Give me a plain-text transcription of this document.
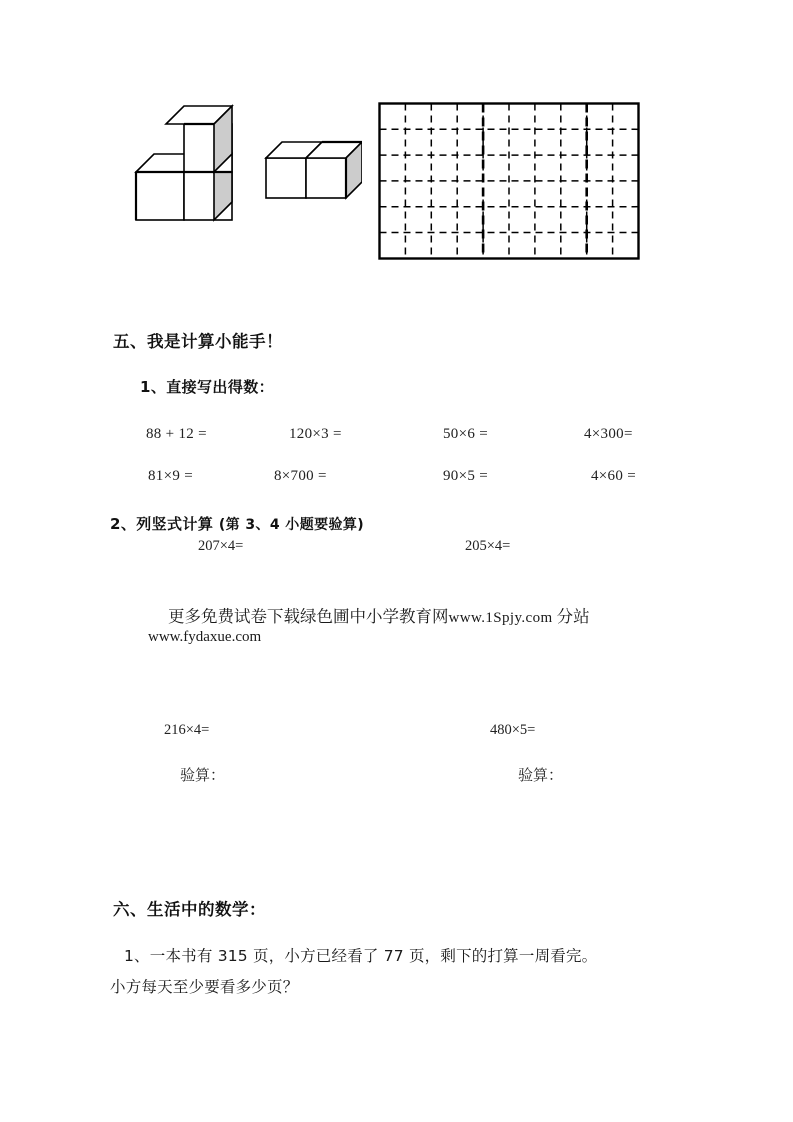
五、我是计算小能手！
1、直接写出得数：
88 + 12 =	120×3 =	50×6 =	4×300=
81×9 =	8×700 =	90×5 =	4×60 =
2、列竖式计算 (第 3、4 小题要验算)
207×4=	205×4=
更多免费试卷下载绿色圃中小学教育网www.1Spjy.com 分站
www.fydaxue.com
216×4=	480×5=
验算：	验算：
六、生活中的数学：
1、一本书有 315 页，小方已经看了 77 页，剩下的打算一周看完。
小方每天至少要看多少页？
